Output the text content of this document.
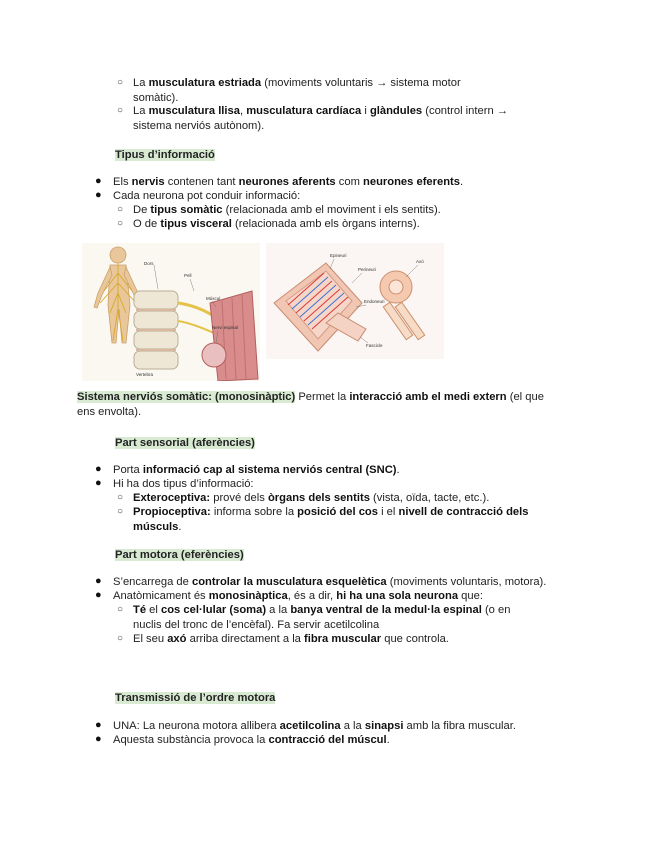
○ La musculatura estriada (moviments voluntaris → sistema motor
somàtic).
○ La musculatura llisa, musculatura cardíaca i glàndules (control intern →
sistema nerviós autònom).
Tipus d’informació
● Els nervis contenen tant neurones aferents com neurones eferents.
● Cada neurona pot conduir informació:
○ De tipus somàtic (relacionada amb el moviment i els sentits).
○ O de tipus visceral (relacionada amb els òrgans interns).
Dors
Pell
Múscul
Nervi espinal
Vertebra
Epineuri
Perineuri
Endoneuri
Fascicle
Axó
Sistema nerviós somàtic: (monosinàptic) Permet la interacció amb el medi extern (el que
ens envolta).
Part sensorial (aferències)
● Porta informació cap al sistema nerviós central (SNC).
● Hi ha dos tipus d’informació:
○ Exteroceptiva: prové dels òrgans dels sentits (vista, oïda, tacte, etc.).
○ Propioceptiva: informa sobre la posició del cos i el nivell de contracció dels
músculs.
Part motora (eferències)
● S’encarrega de controlar la musculatura esquelètica (moviments voluntaris, motora).
● Anatòmicament és monosinàptica, és a dir, hi ha una sola neurona que:
○ Té el cos cel·lular (soma) a la banya ventral de la medul·la espinal (o en
nuclis del tronc de l’encèfal). Fa servir acetilcolina
○ El seu axó arriba directament a la fibra muscular que controla.
Transmissió de l’ordre motora
● UNA: La neurona motora allibera acetilcolina a la sinapsi amb la fibra muscular.
● Aquesta substància provoca la contracció del múscul.
